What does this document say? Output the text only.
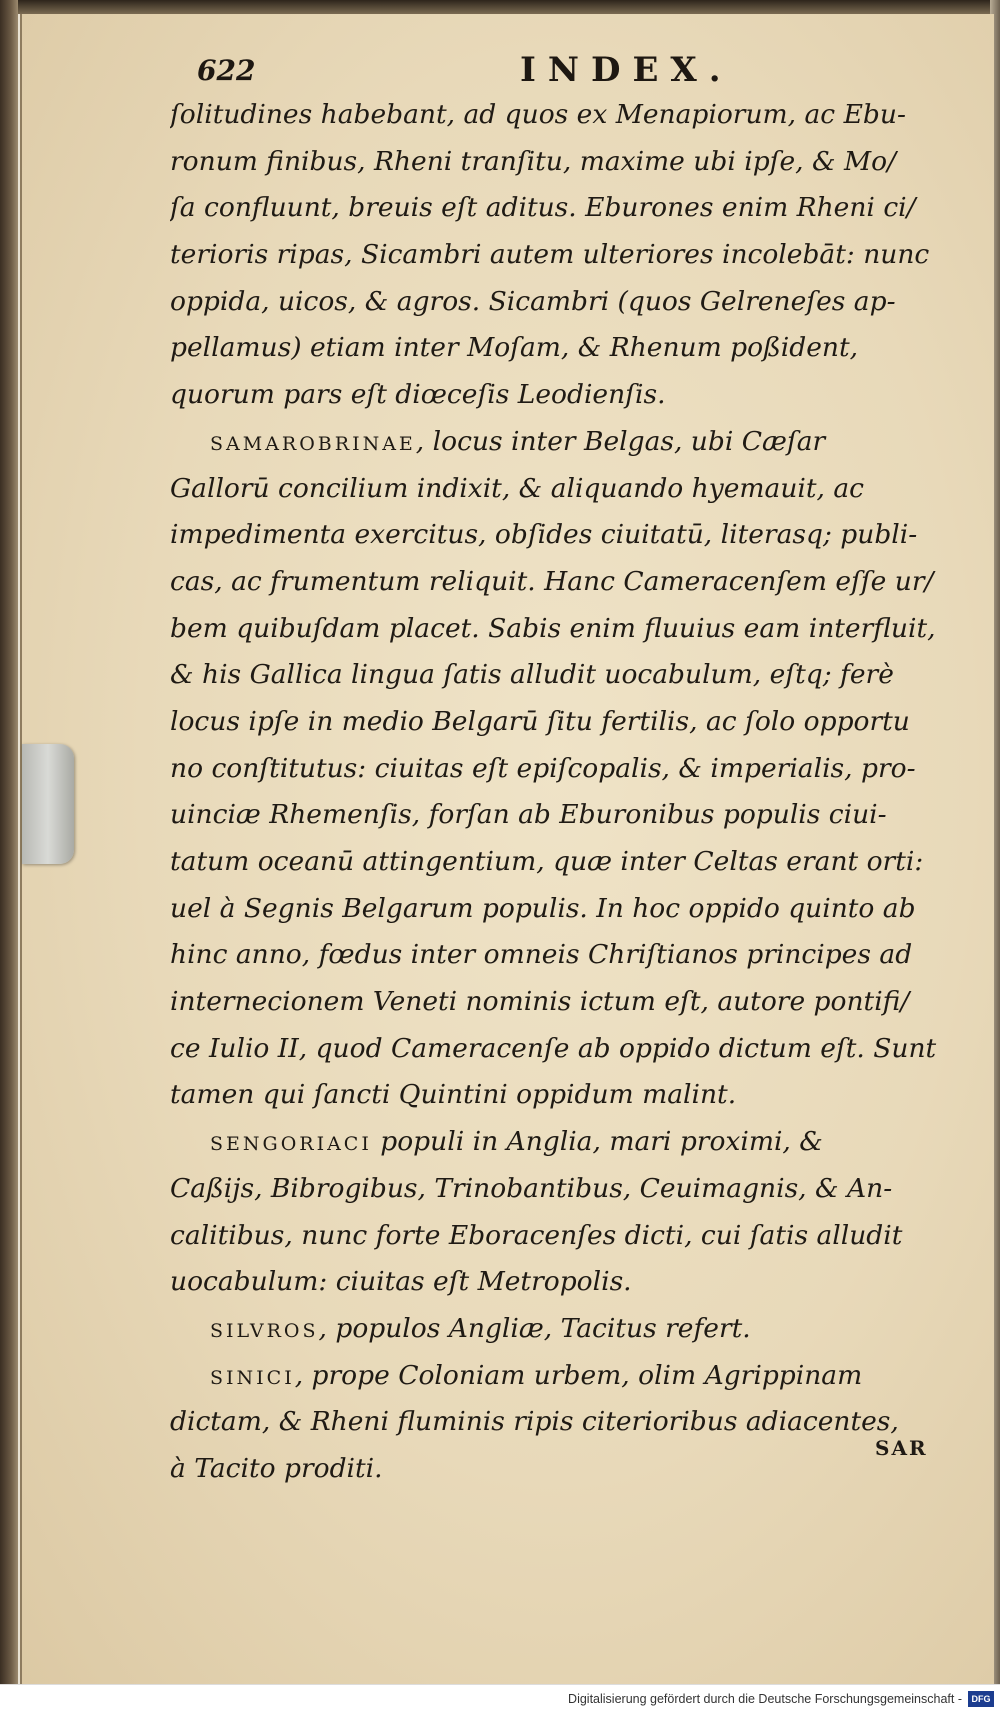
622	INDEX.
ſolitudines habebant, ad quos ex Menapiorum, ac Ebu-
ronum finibus, Rheni tranſitu, maxime ubi ipſe, & Mo/
ſa confluunt, breuis eſt aditus. Eburones enim Rheni ci/
terioris ripas, Sicambri autem ulteriores incolebāt: nunc
oppida, uicos, & agros. Sicambri (quos Gelreneſes ap-
pellamus) etiam inter Moſam, & Rhenum poßident,
quorum pars eſt diœceſis Leodienſis.
SAMAROBRINAE, locus inter Belgas, ubi Cæſar
Gallorū concilium indixit, & aliquando hyemauit, ac
impedimenta exercitus, obſides ciuitatū, literasq; publi-
cas, ac frumentum reliquit. Hanc Cameracenſem eſſe ur/
bem quibuſdam placet. Sabis enim fluuius eam interfluit,
& his Gallica lingua ſatis alludit uocabulum, eſtq; ferè
locus ipſe in medio Belgarū ſitu fertilis, ac ſolo opportu
no conſtitutus: ciuitas eſt epiſcopalis, & imperialis, pro-
uinciæ Rhemenſis, forſan ab Eburonibus populis ciui-
tatum oceanū attingentium, quæ inter Celtas erant orti:
uel à Segnis Belgarum populis. In hoc oppido quinto ab
hinc anno, fœdus inter omneis Chriſtianos principes ad
internecionem Veneti nominis ictum eſt, autore pontifi/
ce Iulio II, quod Cameracenſe ab oppido dictum eſt. Sunt
tamen qui ſancti Quintini oppidum malint.
SENGORIACI populi in Anglia, mari proximi, &
Caßijs, Bibrogibus, Trinobantibus, Ceuimagnis, & An-
calitibus, nunc forte Eboracenſes dicti, cui ſatis alludit
uocabulum: ciuitas eſt Metropolis.
SILVROS, populos Angliæ, Tacitus refert.
SINICI, prope Coloniam urbem, olim Agrippinam
dictam, & Rheni fluminis ripis citerioribus adiacentes,
à Tacito proditi.
SAR
Digitalisierung gefördert durch die Deutsche Forschungsgemeinschaft -	DFG
